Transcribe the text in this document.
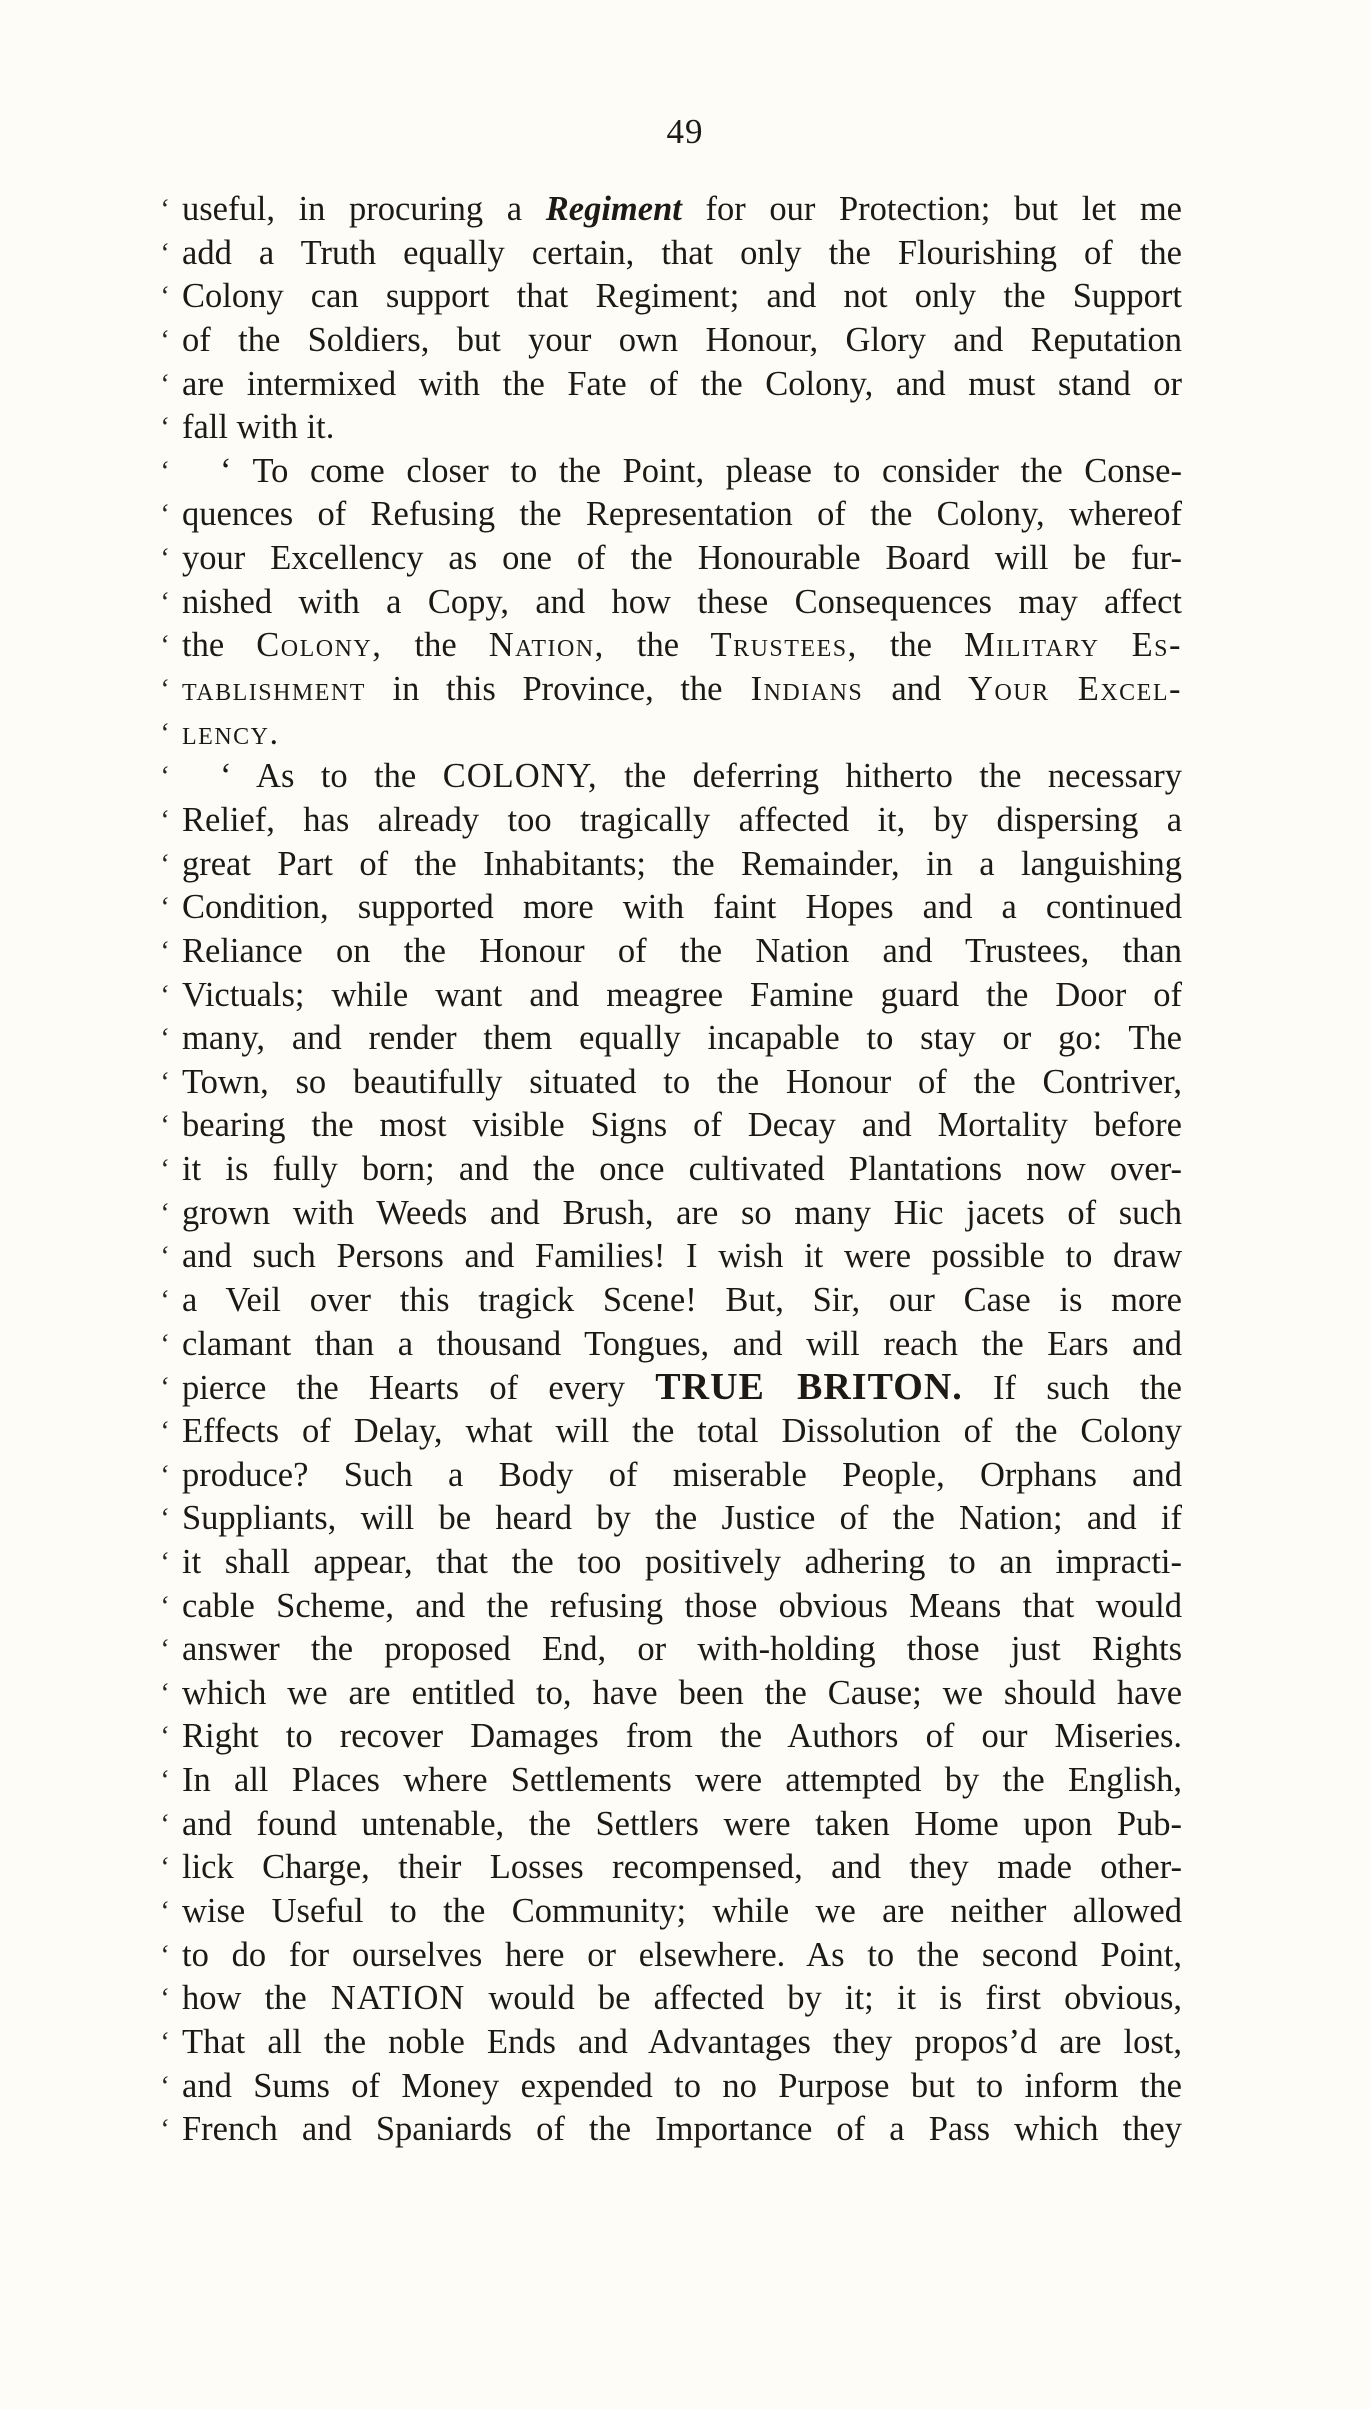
49
‘ useful, in procuring a Regiment for our Protection; but let me
‘ add a Truth equally certain, that only the Flourishing of the
‘ Colony can support that Regiment; and not only the Support
‘ of the Soldiers, but your own Honour, Glory and Reputation
‘ are intermixed with the Fate of the Colony, and must stand or
‘ fall with it.
‘	‘ To come closer to the Point, please to consider the Conse-
‘ quences of Refusing the Representation of the Colony, whereof
‘ your Excellency as one of the Honourable Board will be fur-
‘ nished with a Copy, and how these Consequences may affect
‘ the Colony, the Nation, the Trustees, the Military Es-
‘ tablishment in this Province, the Indians and Your Excel-
‘ lency.
‘	‘ As to the COLONY, the deferring hitherto the necessary
‘ Relief, has already too tragically affected it, by dispersing a
‘ great Part of the Inhabitants; the Remainder, in a languishing
‘ Condition, supported more with faint Hopes and a continued
‘ Reliance on the Honour of the Nation and Trustees, than
‘ Victuals; while want and meagree Famine guard the Door of
‘ many, and render them equally incapable to stay or go: The
‘ Town, so beautifully situated to the Honour of the Contriver,
‘ bearing the most visible Signs of Decay and Mortality before
‘ it is fully born; and the once cultivated Plantations now over-
‘ grown with Weeds and Brush, are so many Hic jacets of such
‘ and such Persons and Families! I wish it were possible to draw
‘ a Veil over this tragick Scene! But, Sir, our Case is more
‘ clamant than a thousand Tongues, and will reach the Ears and
‘ pierce the Hearts of every TRUE BRITON. If such the
‘ Effects of Delay, what will the total Dissolution of the Colony
‘ produce? Such a Body of miserable People, Orphans and
‘ Suppliants, will be heard by the Justice of the Nation; and if
‘ it shall appear, that the too positively adhering to an impracti-
‘ cable Scheme, and the refusing those obvious Means that would
‘ answer the proposed End, or with-holding those just Rights
‘ which we are entitled to, have been the Cause; we should have
‘ Right to recover Damages from the Authors of our Miseries.
‘ In all Places where Settlements were attempted by the English,
‘ and found untenable, the Settlers were taken Home upon Pub-
‘ lick Charge, their Losses recompensed, and they made other-
‘ wise Useful to the Community; while we are neither allowed
‘ to do for ourselves here or elsewhere. As to the second Point,
‘ how the NATION would be affected by it; it is first obvious,
‘ That all the noble Ends and Advantages they propos’d are lost,
‘ and Sums of Money expended to no Purpose but to inform the
‘ French and Spaniards of the Importance of a Pass which they
